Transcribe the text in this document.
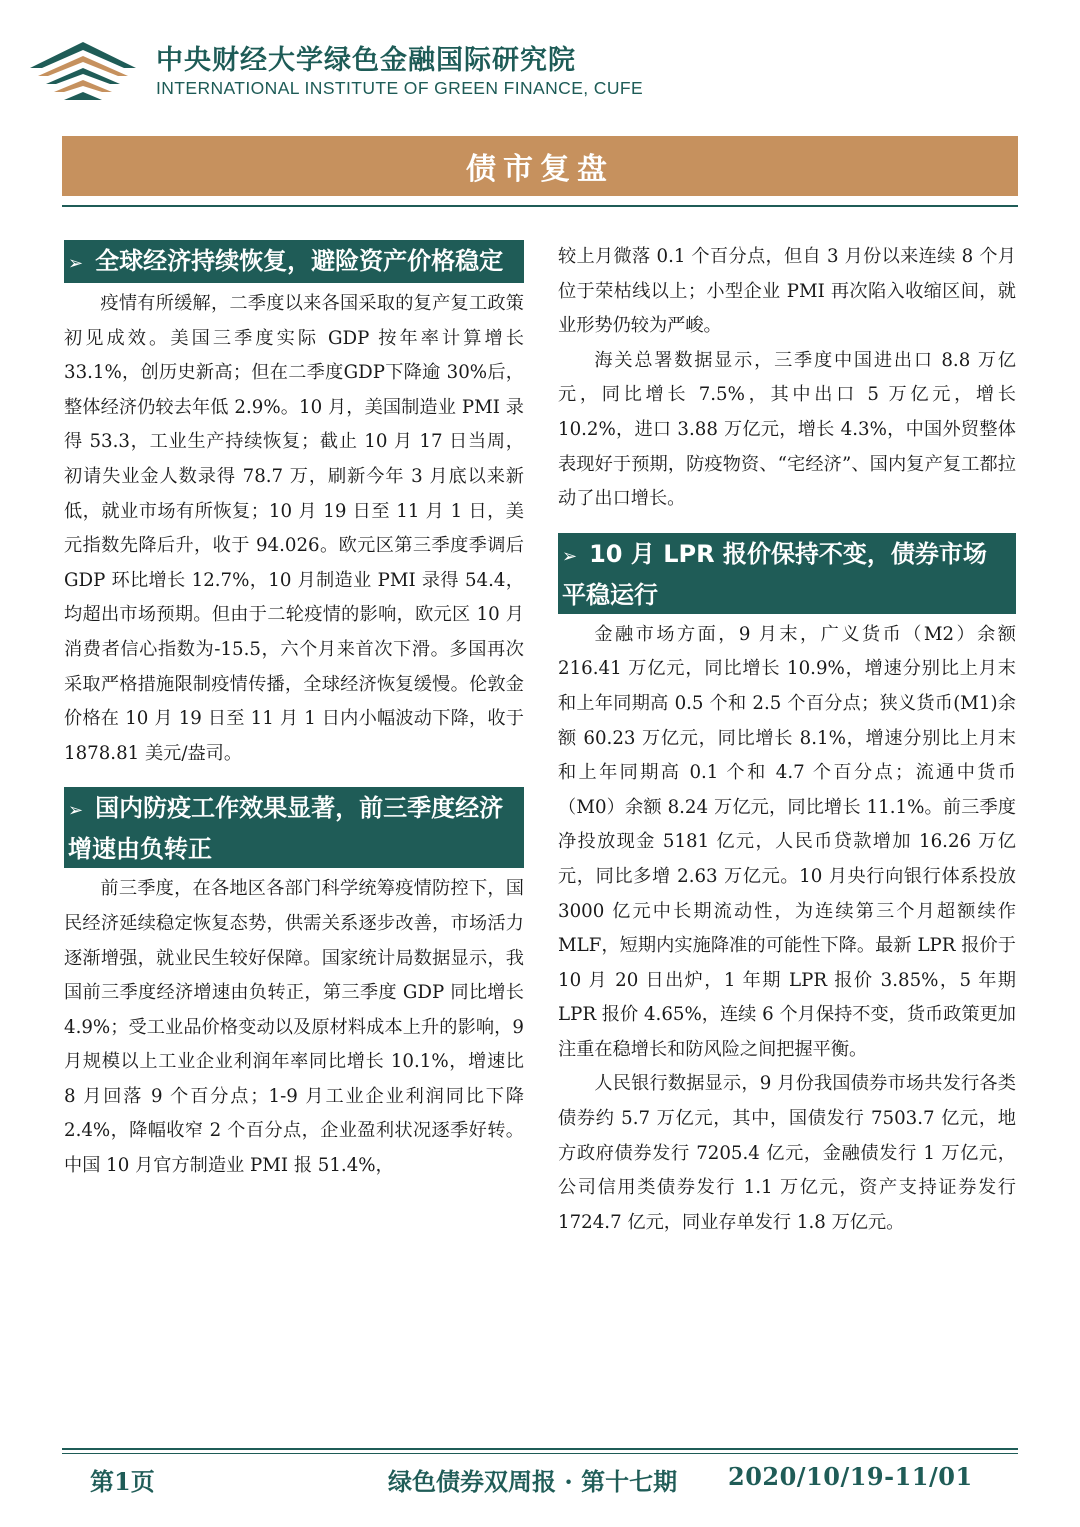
中央财经大学绿色金融国际研究院
INTERNATIONAL INSTITUTE OF GREEN FINANCE, CUFE
债市复盘
➢ 全球经济持续恢复，避险资产价格稳定

疫情有所缓解，二季度以来各国采取的复产复工政策初见成效。美国三季度实际 GDP 按年率计算增长33.1%，创历史新高；但在二季度GDP下降逾 30%后，整体经济仍较去年低 2.9%。10 月，美国制造业 PMI 录得 53.3，工业生产持续恢复；截止 10 月 17 日当周，初请失业金人数录得 78.7 万，刷新今年 3 月底以来新低，就业市场有所恢复；10 月 19 日至 11 月 1 日，美元指数先降后升，收于 94.026。欧元区第三季度季调后 GDP 环比增长 12.7%，10 月制造业 PMI 录得 54.4，均超出市场预期。但由于二轮疫情的影响，欧元区 10 月消费者信心指数为-15.5，六个月来首次下滑。多国再次采取严格措施限制疫情传播，全球经济恢复缓慢。伦敦金价格在 10 月 19 日至 11 月 1 日内小幅波动下降，收于 1878.81 美元/盎司。

➢ 国内防疫工作效果显著，前三季度经济增速由负转正

前三季度，在各地区各部门科学统筹疫情防控下，国民经济延续稳定恢复态势，供需关系逐步改善，市场活力逐渐增强，就业民生较好保障。国家统计局数据显示，我国前三季度经济增速由负转正，第三季度 GDP 同比增长 4.9%；受工业品价格变动以及原材料成本上升的影响，9 月规模以上工业企业利润年率同比增长 10.1%，增速比 8 月回落 9 个百分点；1-9 月工业企业利润同比下降 2.4%，降幅收窄 2 个百分点，企业盈利状况逐季好转。中国 10 月官方制造业 PMI 报 51.4%，

较上月微落 0.1 个百分点，但自 3 月份以来连续 8 个月位于荣枯线以上；小型企业 PMI 再次陷入收缩区间，就业形势仍较为严峻。

海关总署数据显示，三季度中国进出口 8.8 万亿元，同比增长 7.5%，其中出口 5 万亿元，增长 10.2%，进口 3.88 万亿元，增长 4.3%，中国外贸整体表现好于预期，防疫物资、“宅经济”、国内复产复工都拉动了出口增长。

➢ 10 月 LPR 报价保持不变，债券市场平稳运行

金融市场方面，9 月末，广义货币（M2）余额 216.41 万亿元，同比增长 10.9%，增速分别比上月末和上年同期高 0.5 个和 2.5 个百分点；狭义货币(M1)余额 60.23 万亿元，同比增长 8.1%，增速分别比上月末和上年同期高 0.1 个和 4.7 个百分点；流通中货币（M0）余额 8.24 万亿元，同比增长 11.1%。前三季度净投放现金 5181 亿元，人民币贷款增加 16.26 万亿元，同比多增 2.63 万亿元。10 月央行向银行体系投放 3000 亿元中长期流动性，为连续第三个月超额续作 MLF，短期内实施降准的可能性下降。最新 LPR 报价于 10 月 20 日出炉，1 年期 LPR 报价 3.85%，5 年期 LPR 报价 4.65%，连续 6 个月保持不变，货币政策更加注重在稳增长和防风险之间把握平衡。

人民银行数据显示，9 月份我国债券市场共发行各类债券约 5.7 万亿元，其中，国债发行 7503.7 亿元，地方政府债券发行 7205.4 亿元，金融债发行 1 万亿元，公司信用类债券发行 1.1 万亿元，资产支持证券发行 1724.7 亿元，同业存单发行 1.8 万亿元。

第1页	绿色债券双周报 · 第十七期 2020/10/19-11/01
